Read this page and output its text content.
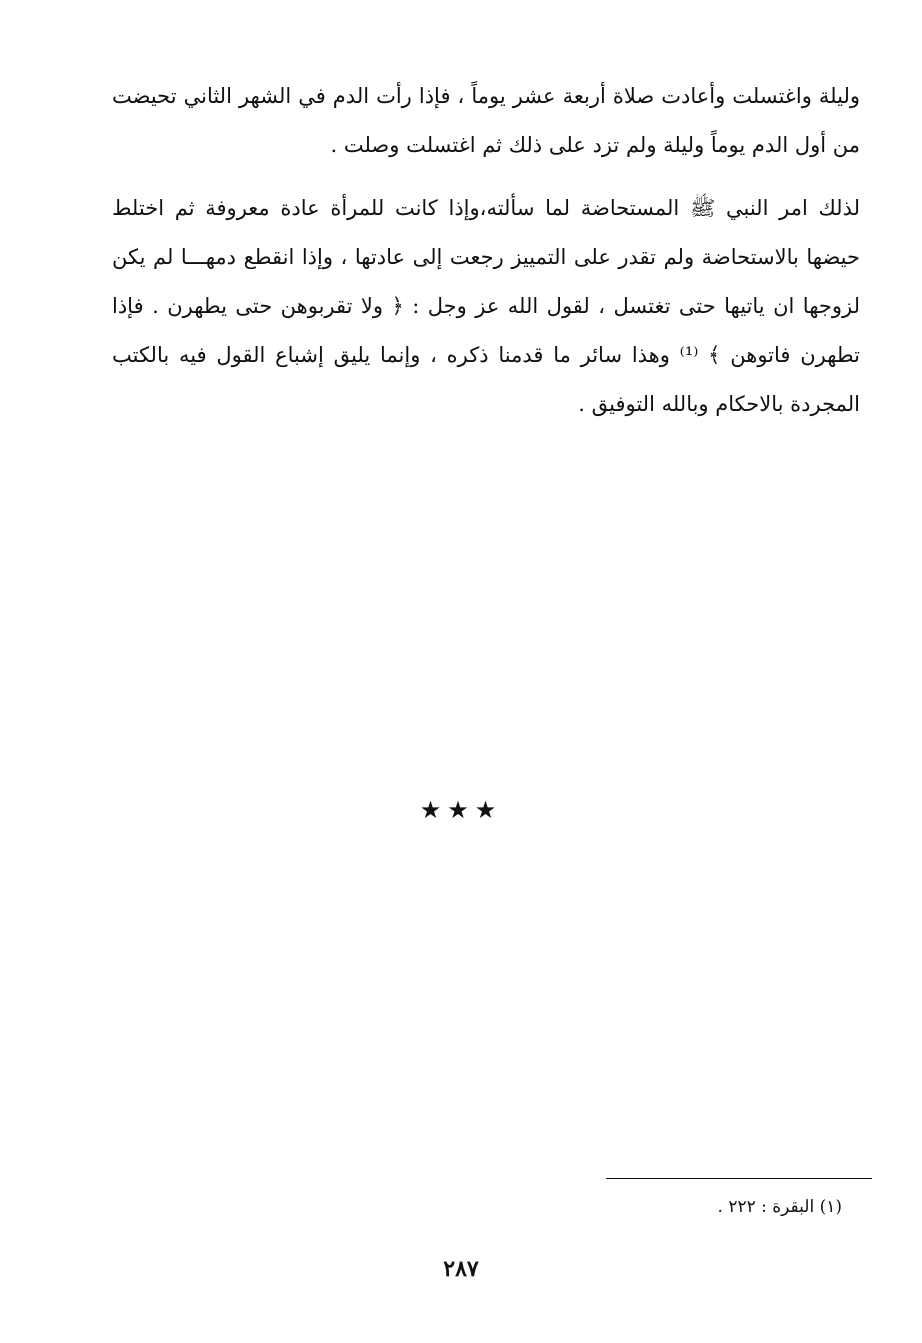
وليلة واغتسلت وأعادت صلاة أربعة عشر يوماً ، فإذا رأت الدم في الشهر الثاني تحيضت
من أول الدم يوماً وليلة ولم تزد على ذلك ثم اغتسلت وصلت .
لذلك امر النبي ﷺ المستحاضة لما سألته،وإذا كانت للمرأة عادة معروفة ثم اختلط
حيضها بالاستحاضة ولم تقدر على التمييز رجعت إلى عادتها ، وإذا انقطع دمهـــا لم يكن
لزوجها ان ياتيها حتى تغتسل ، لقول الله عز وجل : ﴿ ولا تقربوهن حتى يطهرن . فإذا
تطهرن فاتوهن ﴾ ⁽¹⁾ وهذا سائر ما قدمنا ذكره ، وإنما يليق إشباع القول فيه بالكتب
المجردة بالاحكام وبالله التوفيق .
★★★
(١) البقرة : ٢٢٢ .
٢٨٧
